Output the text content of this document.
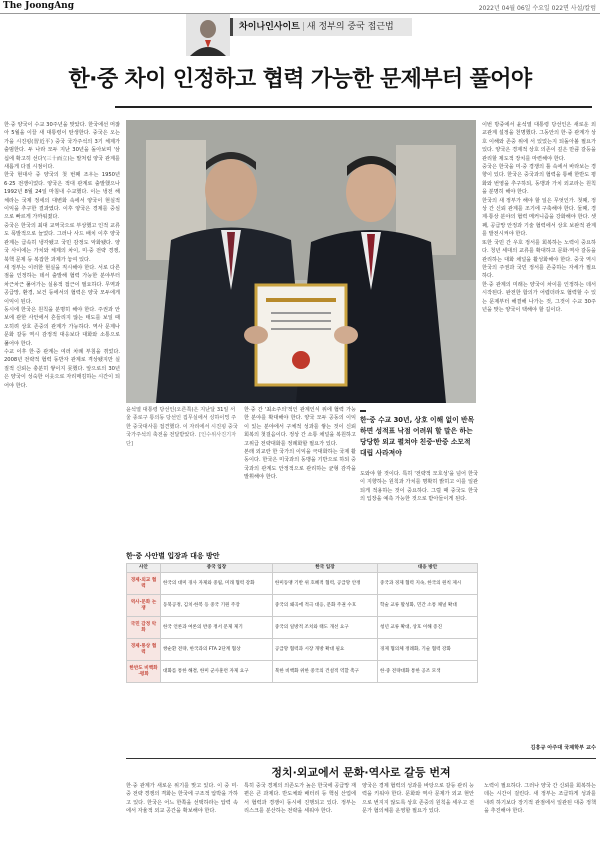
The JoongAng	2022년 04월 06일 수요일 022면 사설/칼럼
차이나인사이트 | 새 정부의 중국 접근법
한·중 차이 인정하고 협력 가능한 문제부터 풀어야

한·중 양국이 수교 30주년을 맞았다. 한국에선 머잖아 5월을 이끌 새 대통령이 탄생한다. 중국은 오는 가을 시진핑(習近平) 중국 국가주석의 3기 체제가 출범한다. 두 나라 모두 지난 30년을 돌아보며 '삼십에 확고히 선다'(三十而立)는 말처럼 양국 관계를 새롭게 다질 시점이다.

한국 현대사 중 양국의 첫 번째 조우는 1950년 6·25 전쟁이었다. 양국은 적대 관계로 출발했으나 1992년 8월 24일 마침내 수교했다. 이는 냉전 해체라는 국제 정세의 대변화 속에서 양국이 현실적 이익을 추구한 결과였다. 이후 양국은 경제를 중심으로 빠르게 가까워졌다.

중국은 한국의 최대 교역국으로 부상했고 인적 교류도 폭발적으로 늘었다. 그러나 사드 배치 이후 양국 관계는 급속히 냉각됐고 국민 감정도 악화됐다. 양국 사이에는 가치와 체제의 차이, 미·중 전략 경쟁, 북핵 문제 등 복잡한 과제가 놓여 있다.

새 정부는 이러한 현실을 직시해야 한다. 서로 다른 점을 인정하는 데서 출발해 협력 가능한 분야부터 차근차근 풀어가는 실용적 접근이 필요하다. 무역과 공급망, 환경, 보건 등에서의 협력은 양국 모두에게 이익이 된다.

동시에 한국은 원칙을 분명히 해야 한다. 주권과 안보에 관한 사안에서 흔들리지 않는 태도를 보일 때 오히려 상호 존중의 관계가 가능하다. 역사 문제나 문화 갈등 역시 감정적 대응보다 대화와 소통으로 풀어야 한다.

수교 이후 한·중 관계는 여러 차례 부침을 겪었다. 2008년 전략적 협력 동반자 관계로 격상됐지만 실질적 신뢰는 충분히 쌓이지 못했다. 앞으로의 30년은 양국이 성숙한 이웃으로 자리매김하는 시간이 되어야 한다.

윤석열 대통령 당선인(오른쪽)은 지난달 31일 서울 종로구 통의동 당선인 집무실에서 싱하이밍 주한 중국대사를 접견했다. 이 자리에서 시진핑 중국 국가주석의 축전을 전달받았다. [인수위사진기자단]

한·중 간 '최소주의'적인 관계인식 위에 협력 가능한 분야를 확대해야 한다. 양국 모두 공동의 이익이 있는 분야에서 구체적 성과를 쌓는 것이 신뢰 회복의 첫걸음이다. 정상 간 소통 채널을 복원하고 고위급 전략대화를 정례화할 필요가 있다.

본래 외교란 한 국가의 이익을 극대화하는 국제 활동이다. 한국은 미국과의 동맹을 기반으로 하되 중국과의 관계도 안정적으로 관리하는 균형 감각을 발휘해야 한다.

한·중 수교 30년, 상호 이해 없이 반목하면 성적표 낙점 어려워 할 말은 하는 당당한 외교 펼쳐야 친중·반중 소모적 대립 사라져야

도와야 할 것이다. 특히 '전략적 모호성'을 넘어 한국이 지향하는 원칙과 가치를 명확히 밝히고 이를 일관되게 적용하는 것이 중요하다. 그럴 때 중국도 한국의 입장을 예측 가능한 것으로 받아들이게 된다.

이번 방중에서 윤석열 대통령 당선인은 새로운 외교관계 설정을 천명했다. 그동안의 한·중 관계가 상호 이해와 존중 위에 서 있었는지 되돌아볼 필요가 있다. 양국은 경제적 상호 의존이 깊은 만큼 갈등을 관리할 제도적 장치를 마련해야 한다.

중국은 한국을 미·중 경쟁의 틀 속에서 바라보는 경향이 있다. 한국은 중국과의 협력을 통해 한반도 평화와 번영을 추구하되, 동맹과 가치 외교라는 원칙을 분명히 해야 한다.

한국의 새 정부가 해야 할 일은 무엇인가. 첫째, 정상 간 신뢰 관계를 조기에 구축해야 한다. 둘째, 경제·통상 분야의 협력 메커니즘을 강화해야 한다. 셋째, 공급망 안정과 기술 협력에서 상호 보완적 관계를 발전시켜야 한다.

또한 국민 간 우호 정서를 회복하는 노력이 중요하다. 청년 세대의 교류를 확대하고 문화·역사 갈등을 관리하는 대화 채널을 활성화해야 한다. 중국 역시 한국의 주권과 국민 정서를 존중하는 자세가 필요하다.

한·중 관계의 미래는 양국이 차이를 인정하는 데서 시작된다. 완전한 합의가 어렵더라도 협력할 수 있는 문제부터 해결해 나가는 것, 그것이 수교 30주년을 맞는 양국이 택해야 할 길이다.

한·중 사안별 입장과 대응 방안
사안	중국 입장	한국 입장	대응 방안
경제·외교 협력	한국의 대미 경사 자제와 중립, 미래 협력 강화	한미동맹 기반 위 호혜적 협력, 공급망 안정	중국과 경제 협력 지속, 한국의 원칙 제시
역사·문화 논쟁	동북공정, 김치·한복 등 중국 기원 주장	중국의 왜곡에 적극 대응, 문화 주권 수호	학술 교류 활성화, 민간 소통 채널 확대
국민 감정 악화	한국 언론과 여론의 반중 정서 문제 제기	중국의 일방적 조치와 태도 개선 요구	청년 교류 확대, 상호 이해 증진
경제·통상 협력	쌍순환 전략, 한국과의 FTA 2단계 협상	공급망 협력과 시장 개방 확대 필요	경제 협의체 정례화, 기술 협력 강화
한반도 비핵화·평화	대화를 통한 해결, 한미 군사훈련 자제 요구	북한 비핵화 위한 중국의 건설적 역할 촉구	한·중 전략대화 통한 공조 모색
김흥규 아주대 국제학부 교수
정치·외교에서 문화·역사로 갈등 번져

한·중 관계가 새로운 위기를 맞고 있다. 이 중 미·중 전략 경쟁의 격화는 한국에 구조적 압박을 가하고 있다. 한국은 어느 한쪽을 선택하라는 압력 속에서 자율적 외교 공간을 확보해야 한다.

특히 중국 경제의 의존도가 높은 한국에 공급망 재편은 큰 과제다. 반도체와 배터리 등 핵심 산업에서 협력과 경쟁이 동시에 진행되고 있다. 정부는 리스크를 분산하는 전략을 세워야 한다.

양국은 경제 협력의 성과를 바탕으로 갈등 관리 능력을 키워야 한다. 문화와 역사 문제가 외교 현안으로 번지지 않도록 상호 존중의 원칙을 세우고 전문가 협의체를 운영할 필요가 있다.

노력이 필요하다. 그러나 양국 간 신뢰를 회복하는 데는 시간이 걸린다. 새 정부는 조급하게 성과를 내려 하기보다 장기적 관점에서 일관된 대중 정책을 추진해야 한다.
